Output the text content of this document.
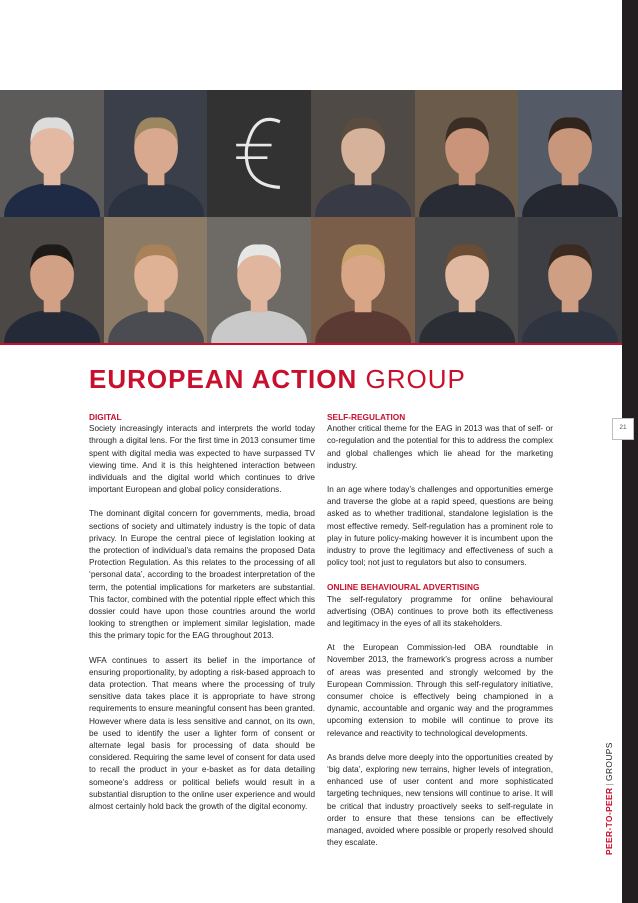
EUROPEAN ACTION GROUP
DIGITAL

Society increasingly interacts and interprets the world today through a digital lens. For the first time in 2013 consumer time spent with digital media was expected to have surpassed TV viewing time. And it is this heightened interaction between individuals and the digital world which continues to drive important European and global policy considerations.

The dominant digital concern for governments, media, broad sections of society and ultimately industry is the topic of data privacy. In Europe the central piece of legislation looking at the protection of individual’s data remains the proposed Data Protection Regulation. As this relates to the processing of all ‘personal data’, according to the broadest interpretation of the term, the potential implications for marketers are substantial. This factor, combined with the potential ripple effect which this dossier could have upon those countries around the world looking to strengthen or implement similar legislation, made this the primary topic for the EAG throughout 2013.

WFA continues to assert its belief in the importance of ensuring proportionality, by adopting a risk-based approach to data protection. That means where the processing of truly sensitive data takes place it is appropriate to have strong requirements to ensure meaningful consent has been granted. However where data is less sensitive and cannot, on its own, be used to identify the user a lighter form of consent or alternate legal basis for processing of data should be considered. Requiring the same level of consent for data used to recall the product in your e-basket as for data detailing someone’s address or political beliefs would result in a substantial disruption to the online user experience and would almost certainly hold back the growth of the digital economy.

SELF-REGULATION

Another critical theme for the EAG in 2013 was that of self- or co-regulation and the potential for this to address the complex and global challenges which lie ahead for the marketing industry.

In an age where today’s challenges and opportunities emerge and traverse the globe at a rapid speed, questions are being asked as to whether traditional, standalone legislation is the most effective remedy. Self-regulation has a prominent role to play in future policy-making however it is incumbent upon the industry to prove the legitimacy and effectiveness of such a policy tool; not just to regulators but also to consumers.

ONLINE BEHAVIOURAL ADVERTISING

The self-regulatory programme for online behavioural advertising (OBA) continues to prove both its effectiveness and legitimacy in the eyes of all its stakeholders.

At the European Commission-led OBA roundtable in November 2013, the framework’s progress across a number of areas was presented and strongly welcomed by the European Commission. Through this self-regulatory initiative, consumer choice is effectively being championed in a dynamic, accountable and organic way and the programmes upcoming extension to mobile will continue to prove its relevance and reactivity to technological developments.

As brands delve more deeply into the opportunities created by ‘big data’, exploring new terrains, higher levels of integration, enhanced use of user content and more sophisticated targeting techniques, new tensions will continue to arise. It will be critical that industry proactively seeks to self-regulate in order to ensure that these tensions can be effectively managed, avoided where possible or properly resolved should they escalate.

21
PEER-TO-PEER|GROUPS
